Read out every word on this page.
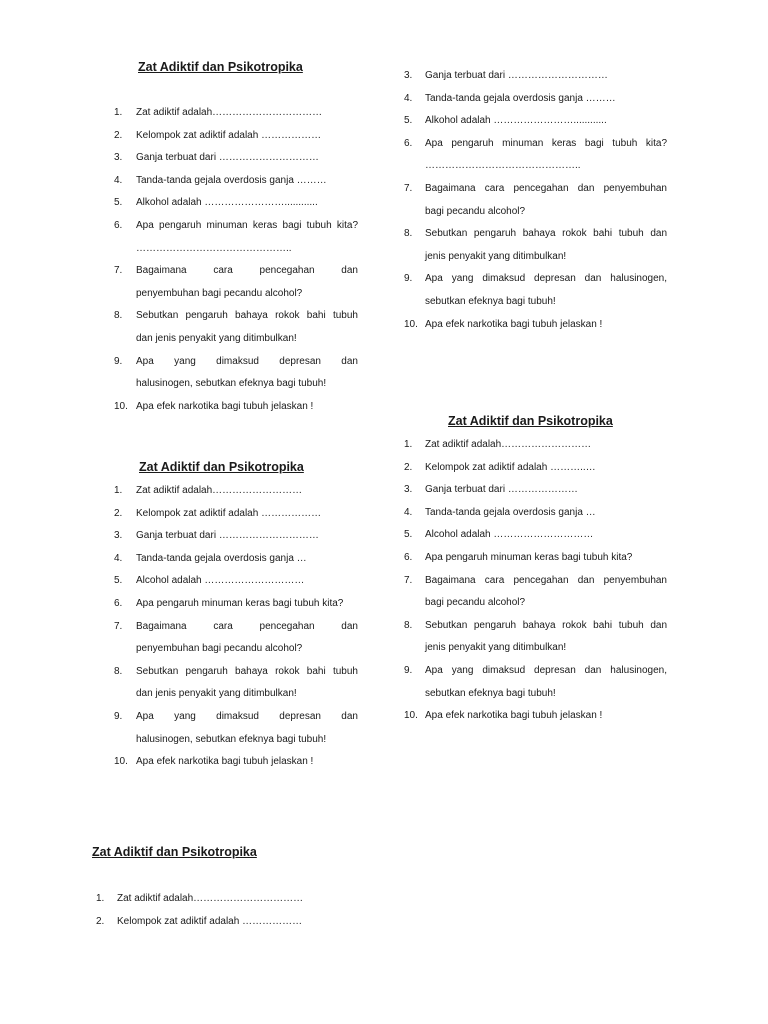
Zat Adiktif dan Psikotropika
1. Zat adiktif adalah……………………………
2. Kelompok zat adiktif adalah ………………
3. Ganja terbuat dari …………………………
4. Tanda-tanda gejala overdosis ganja ………
5. Alkohol adalah ……………………............
6. Apa pengaruh minuman keras bagi tubuh kita?
………………………………………..
7. Bagaimana cara pencegahan dan
penyembuhan bagi pecandu alcohol?
8. Sebutkan pengaruh bahaya rokok bahi tubuh
dan jenis penyakit yang ditimbulkan!
9. Apa yang dimaksud depresan dan
halusinogen, sebutkan efeknya bagi tubuh!
10. Apa efek narkotika bagi tubuh jelaskan !
3. Ganja terbuat dari …………………………
4. Tanda-tanda gejala overdosis ganja ………
5. Alkohol adalah ……………………............
6. Apa pengaruh minuman keras bagi tubuh kita?
………………………………………..
7. Bagaimana cara pencegahan dan penyembuhan
bagi pecandu alcohol?
8. Sebutkan pengaruh bahaya rokok bahi tubuh dan
jenis penyakit yang ditimbulkan!
9. Apa yang dimaksud depresan dan halusinogen,
sebutkan efeknya bagi tubuh!
10. Apa efek narkotika bagi tubuh jelaskan !
Zat Adiktif dan Psikotropika
1. Zat adiktif adalah………………………
2. Kelompok zat adiktif adalah ………………
3. Ganja terbuat dari …………………………
4. Tanda-tanda gejala overdosis ganja …
5. Alcohol adalah …………………………
6. Apa pengaruh minuman keras bagi tubuh kita?
7. Bagaimana cara pencegahan dan
penyembuhan bagi pecandu alcohol?
8. Sebutkan pengaruh bahaya rokok bahi tubuh
dan jenis penyakit yang ditimbulkan!
9. Apa yang dimaksud depresan dan
halusinogen, sebutkan efeknya bagi tubuh!
10. Apa efek narkotika bagi tubuh jelaskan !
Zat Adiktif dan Psikotropika
1. Zat adiktif adalah………………………
2. Kelompok zat adiktif adalah ………..…
3. Ganja terbuat dari …………………
4. Tanda-tanda gejala overdosis ganja …
5. Alcohol adalah …………………………
6. Apa pengaruh minuman keras bagi tubuh kita?
7. Bagaimana cara pencegahan dan penyembuhan
bagi pecandu alcohol?
8. Sebutkan pengaruh bahaya rokok bahi tubuh dan
jenis penyakit yang ditimbulkan!
9. Apa yang dimaksud depresan dan halusinogen,
sebutkan efeknya bagi tubuh!
10. Apa efek narkotika bagi tubuh jelaskan !
Zat Adiktif dan Psikotropika
1. Zat adiktif adalah……………………………
2. Kelompok zat adiktif adalah ………………
